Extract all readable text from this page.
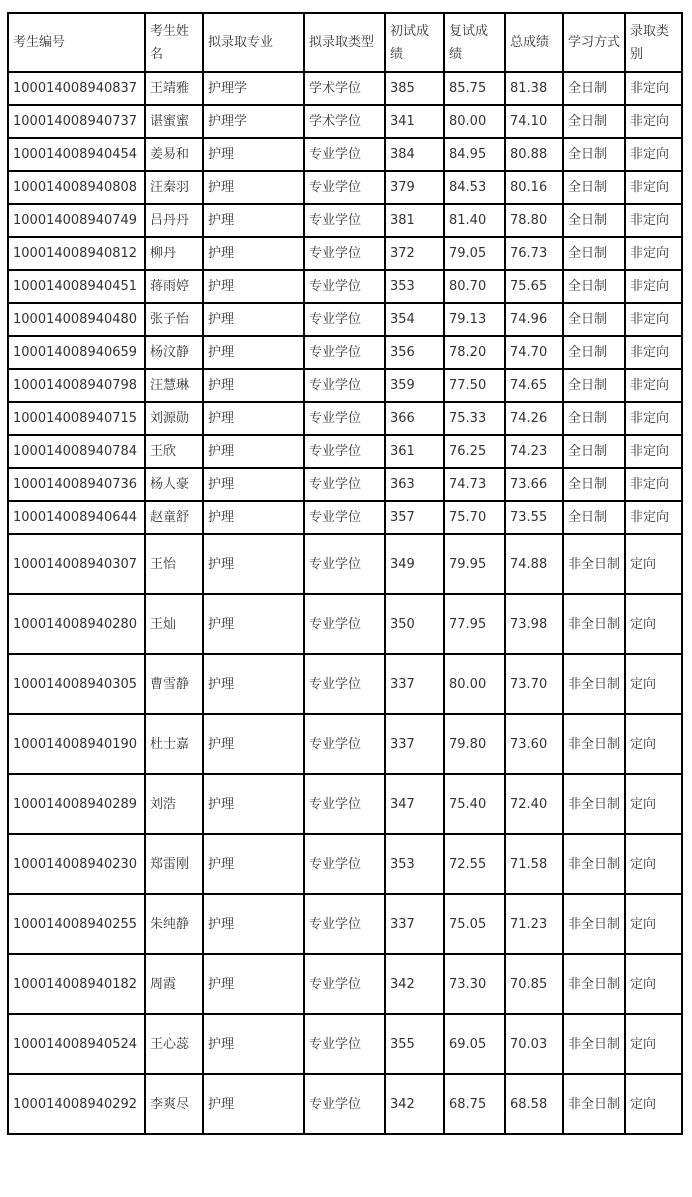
考生编号	考生姓名	拟录取专业	拟录取类型	初试成绩	复试成绩	总成绩	学习方式	录取类别
100014008940837	王靖雅	护理学	学术学位	385	85.75	81.38	全日制	非定向
100014008940737	谌蜜蜜	护理学	学术学位	341	80.00	74.10	全日制	非定向
100014008940454	姜易和	护理	专业学位	384	84.95	80.88	全日制	非定向
100014008940808	汪秦羽	护理	专业学位	379	84.53	80.16	全日制	非定向
100014008940749	吕丹丹	护理	专业学位	381	81.40	78.80	全日制	非定向
100014008940812	柳丹	护理	专业学位	372	79.05	76.73	全日制	非定向
100014008940451	蒋雨婷	护理	专业学位	353	80.70	75.65	全日制	非定向
100014008940480	张子怡	护理	专业学位	354	79.13	74.96	全日制	非定向
100014008940659	杨汶静	护理	专业学位	356	78.20	74.70	全日制	非定向
100014008940798	汪慧琳	护理	专业学位	359	77.50	74.65	全日制	非定向
100014008940715	刘源勋	护理	专业学位	366	75.33	74.26	全日制	非定向
100014008940784	王欣	护理	专业学位	361	76.25	74.23	全日制	非定向
100014008940736	杨人豪	护理	专业学位	363	74.73	73.66	全日制	非定向
100014008940644	赵童舒	护理	专业学位	357	75.70	73.55	全日制	非定向
100014008940307	王怡	护理	专业学位	349	79.95	74.88	非全日制	定向
100014008940280	王灿	护理	专业学位	350	77.95	73.98	非全日制	定向
100014008940305	曹雪静	护理	专业学位	337	80.00	73.70	非全日制	定向
100014008940190	杜士嘉	护理	专业学位	337	79.80	73.60	非全日制	定向
100014008940289	刘浩	护理	专业学位	347	75.40	72.40	非全日制	定向
100014008940230	郑雷刚	护理	专业学位	353	72.55	71.58	非全日制	定向
100014008940255	朱纯静	护理	专业学位	337	75.05	71.23	非全日制	定向
100014008940182	周霞	护理	专业学位	342	73.30	70.85	非全日制	定向
100014008940524	王心蕊	护理	专业学位	355	69.05	70.03	非全日制	定向
100014008940292	李爽尽	护理	专业学位	342	68.75	68.58	非全日制	定向
